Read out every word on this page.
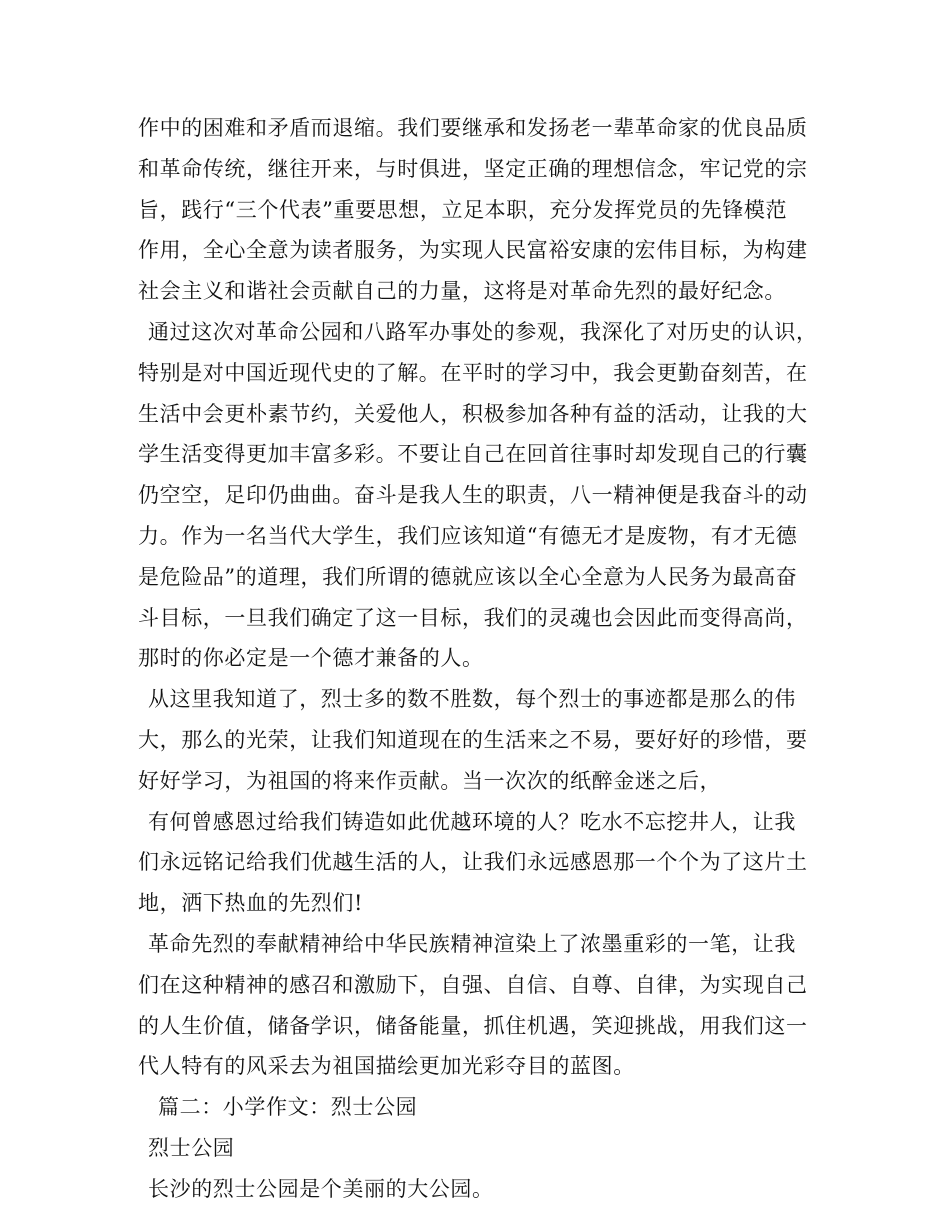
作中的困难和矛盾而退缩。我们要继承和发扬老一辈革命家的优良品质
和革命传统，继往开来，与时俱进，坚定正确的理想信念，牢记党的宗
旨，践行“三个代表”重要思想，立足本职，充分发挥党员的先锋模范
作用，全心全意为读者服务，为实现人民富裕安康的宏伟目标，为构建
社会主义和谐社会贡献自己的力量，这将是对革命先烈的最好纪念。
通过这次对革命公园和八路军办事处的参观，我深化了对历史的认识，
特别是对中国近现代史的了解。在平时的学习中，我会更勤奋刻苦，在
生活中会更朴素节约，关爱他人，积极参加各种有益的活动，让我的大
学生活变得更加丰富多彩。不要让自己在回首往事时却发现自己的行囊
仍空空，足印仍曲曲。奋斗是我人生的职责，八一精神便是我奋斗的动
力。作为一名当代大学生，我们应该知道“有德无才是废物，有才无德
是危险品”的道理，我们所谓的德就应该以全心全意为人民务为最高奋
斗目标，一旦我们确定了这一目标，我们的灵魂也会因此而变得高尚，
那时的你必定是一个德才兼备的人。
从这里我知道了，烈士多的数不胜数，每个烈士的事迹都是那么的伟
大，那么的光荣，让我们知道现在的生活来之不易，要好好的珍惜，要
好好学习，为祖国的将来作贡献。当一次次的纸醉金迷之后，
有何曾感恩过给我们铸造如此优越环境的人？吃水不忘挖井人，让我
们永远铭记给我们优越生活的人，让我们永远感恩那一个个为了这片土
地，洒下热血的先烈们!
革命先烈的奉献精神给中华民族精神渲染上了浓墨重彩的一笔，让我
们在这种精神的感召和激励下，自强、自信、自尊、自律，为实现自己
的人生价值，储备学识，储备能量，抓住机遇，笑迎挑战，用我们这一
代人特有的风采去为祖国描绘更加光彩夺目的蓝图。
篇二：小学作文：烈士公园
烈士公园
长沙的烈士公园是个美丽的大公园。
